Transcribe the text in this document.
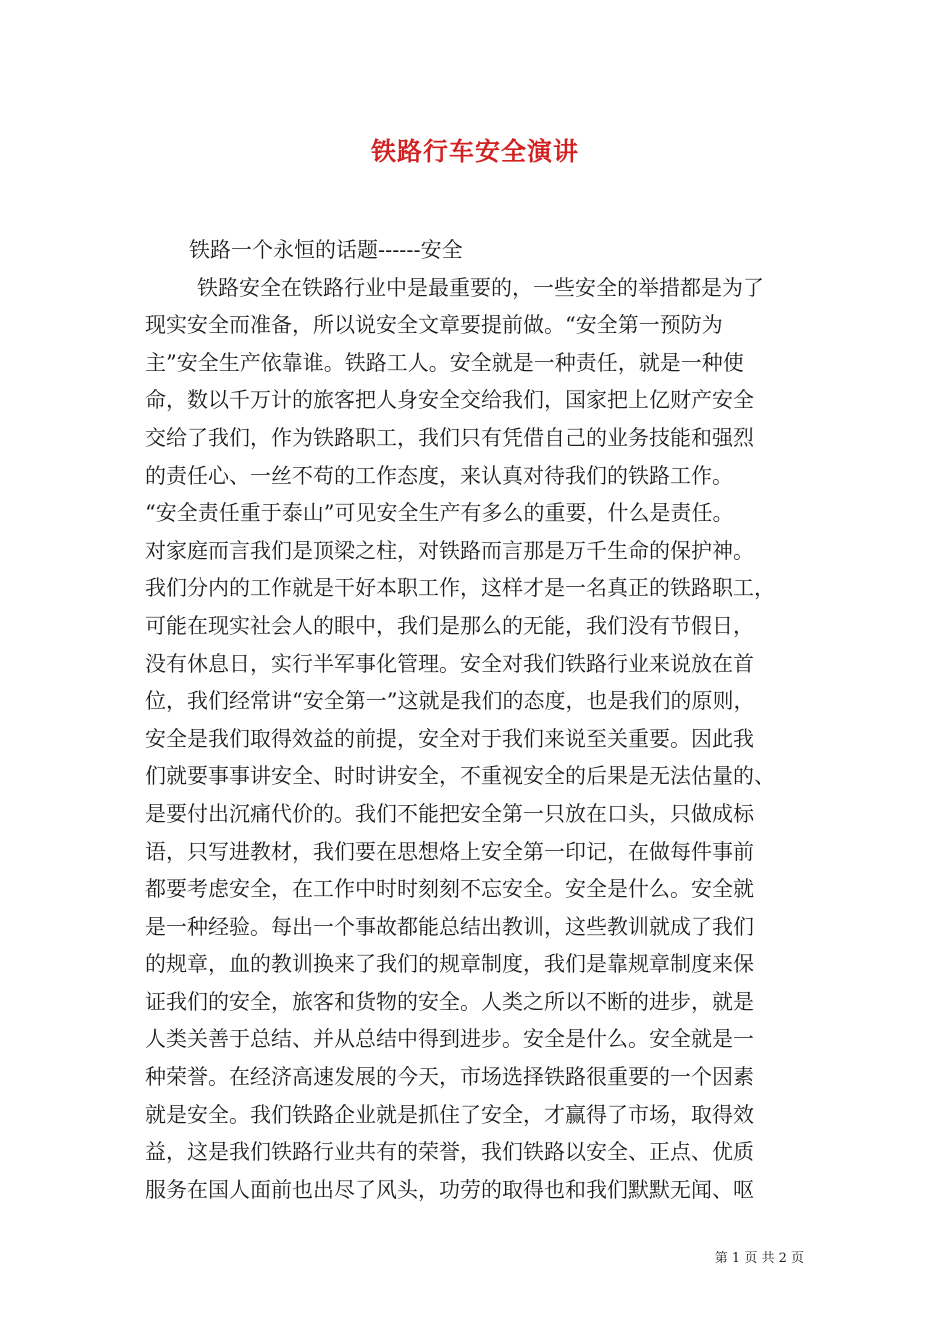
铁路行车安全演讲
铁路一个永恒的话题------安全
铁路安全在铁路行业中是最重要的，一些安全的举措都是为了
现实安全而准备，所以说安全文章要提前做。“安全第一预防为
主”安全生产依靠谁。铁路工人。安全就是一种责任，就是一种使
命，数以千万计的旅客把人身安全交给我们，国家把上亿财产安全
交给了我们，作为铁路职工，我们只有凭借自己的业务技能和强烈
的责任心、一丝不苟的工作态度，来认真对待我们的铁路工作。
“安全责任重于泰山”可见安全生产有多么的重要，什么是责任。
对家庭而言我们是顶梁之柱，对铁路而言那是万千生命的保护神。
我们分内的工作就是干好本职工作，这样才是一名真正的铁路职工，
可能在现实社会人的眼中，我们是那么的无能，我们没有节假日，
没有休息日，实行半军事化管理。安全对我们铁路行业来说放在首
位，我们经常讲“安全第一”这就是我们的态度，也是我们的原则，
安全是我们取得效益的前提，安全对于我们来说至关重要。因此我
们就要事事讲安全、时时讲安全，不重视安全的后果是无法估量的、
是要付出沉痛代价的。我们不能把安全第一只放在口头，只做成标
语，只写进教材，我们要在思想烙上安全第一印记，在做每件事前
都要考虑安全，在工作中时时刻刻不忘安全。安全是什么。安全就
是一种经验。每出一个事故都能总结出教训，这些教训就成了我们
的规章，血的教训换来了我们的规章制度，我们是靠规章制度来保
证我们的安全，旅客和货物的安全。人类之所以不断的进步，就是
人类关善于总结、并从总结中得到进步。安全是什么。安全就是一
种荣誉。在经济高速发展的今天，市场选择铁路很重要的一个因素
就是安全。我们铁路企业就是抓住了安全，才赢得了市场，取得效
益，这是我们铁路行业共有的荣誉，我们铁路以安全、正点、优质
服务在国人面前也出尽了风头，功劳的取得也和我们默默无闻、呕
第 1 页 共 2 页
